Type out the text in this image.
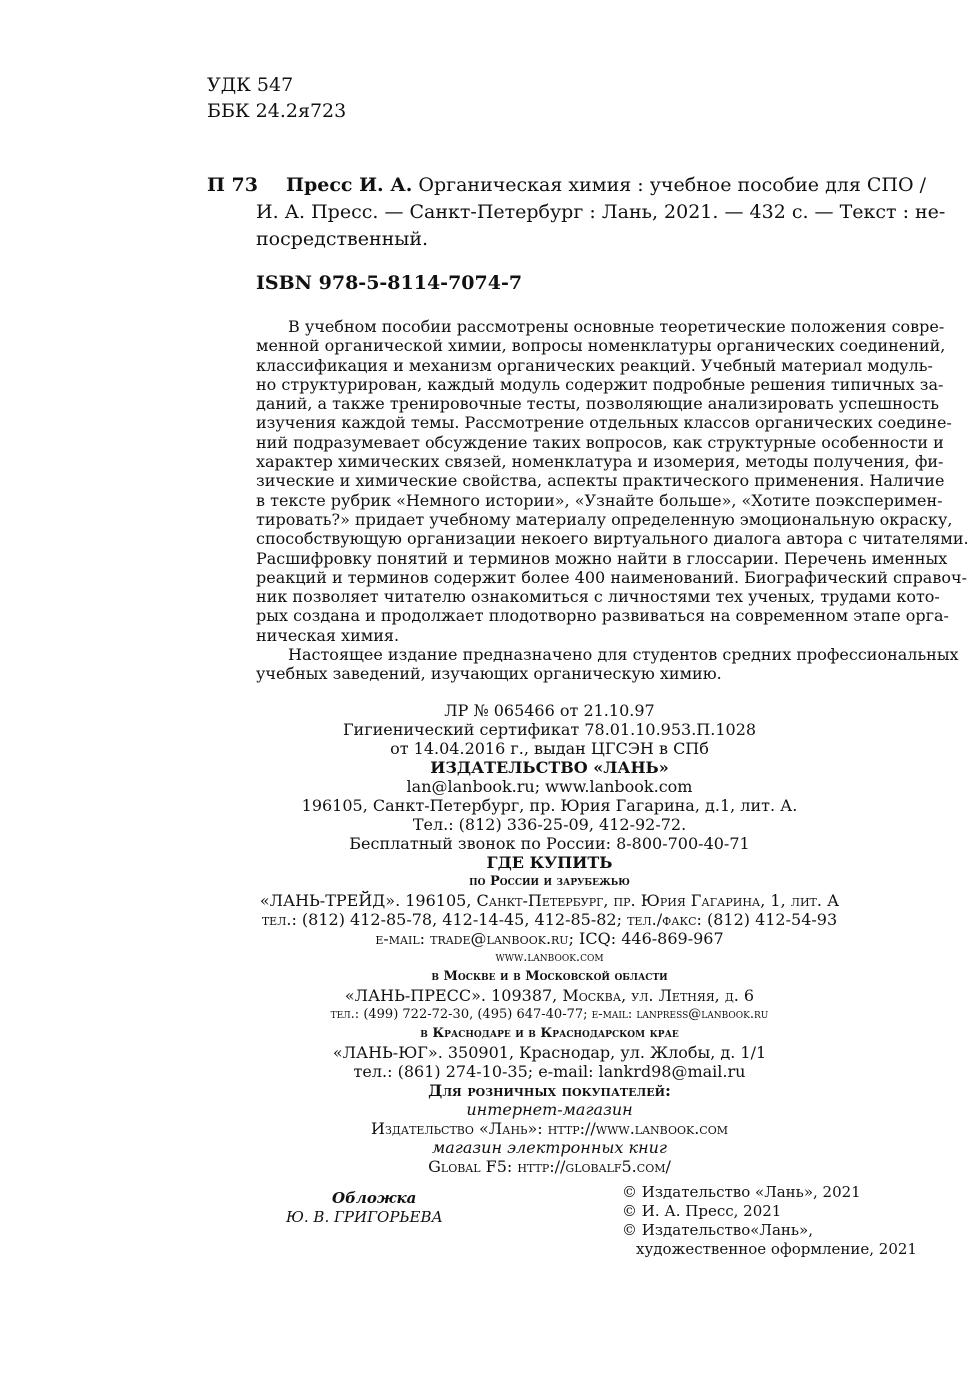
УДК 547
ББК 24.2я723
П 73	Пресс И. А. Органическая химия : учебное пособие для СПО /
И. А. Пресс. — Санкт-Петербург : Лань, 2021. — 432 с. — Текст : не-
посредственный.
ISBN 978-5-8114-7074-7
В учебном пособии рассмотрены основные теоретические положения совре-
менной органической химии, вопросы номенклатуры органических соединений,
классификация и механизм органических реакций. Учебный материал модуль-
но структурирован, каждый модуль содержит подробные решения типичных за-
даний, а также тренировочные тесты, позволяющие анализировать успешность
изучения каждой темы. Рассмотрение отдельных классов органических соедине-
ний подразумевает обсуждение таких вопросов, как структурные особенности и
характер химических связей, номенклатура и изомерия, методы получения, фи-
зические и химические свойства, аспекты практического применения. Наличие
в тексте рубрик «Немного истории», «Узнайте больше», «Хотите поэксперимен-
тировать?» придает учебному материалу определенную эмоциональную окраску,
способствующую организации некоего виртуального диалога автора с читателями.
Расшифровку понятий и терминов можно найти в глоссарии. Перечень именных
реакций и терминов содержит более 400 наименований. Биографический справоч-
ник позволяет читателю ознакомиться с личностями тех ученых, трудами кото-
рых создана и продолжает плодотворно развиваться на современном этапе орга-
ническая химия.
Настоящее издание предназначено для студентов средних профессиональных
учебных заведений, изучающих органическую химию.
ЛР № 065466 от 21.10.97
Гигиенический сертификат 78.01.10.953.П.1028
от 14.04.2016 г., выдан ЦГСЭН в СПб
ИЗДАТЕЛЬСТВО «ЛАНЬ»
lan@lanbook.ru; www.lanbook.com
196105, Санкт-Петербург, пр. Юрия Гагарина, д.1, лит. А.
Тел.: (812) 336-25-09, 412-92-72.
Бесплатный звонок по России: 8-800-700-40-71
ГДЕ КУПИТЬ
по России и зарубежью
«ЛАНЬ-ТРЕЙД». 196105, Санкт-Петербург, пр. Юрия Гагарина, 1, лит. А
тел.: (812) 412-85-78, 412-14-45, 412-85-82; тел./факс: (812) 412-54-93
e-mail: trade@lanbook.ru; ICQ: 446-869-967
www.lanbook.com
в Москве и в Московской области
«ЛАНЬ-ПРЕСС». 109387, Москва, ул. Летняя, д. 6
тел.: (499) 722-72-30, (495) 647-40-77; e-mail: lanpress@lanbook.ru
в Краснодаре и в Краснодарском крае
«ЛАНЬ-ЮГ». 350901, Краснодар, ул. Жлобы, д. 1/1
тел.: (861) 274-10-35; e-mail: lankrd98@mail.ru
Для розничных покупателей:
интернет-магазин
Издательство «Лань»: http://www.lanbook.com
магазин электронных книг
Global F5: http://globalf5.com/
Обложка
Ю. В. ГРИГОРЬЕВА
© Издательство «Лань», 2021
© И. А. Пресс, 2021
© Издательство«Лань»,
художественное оформление, 2021
